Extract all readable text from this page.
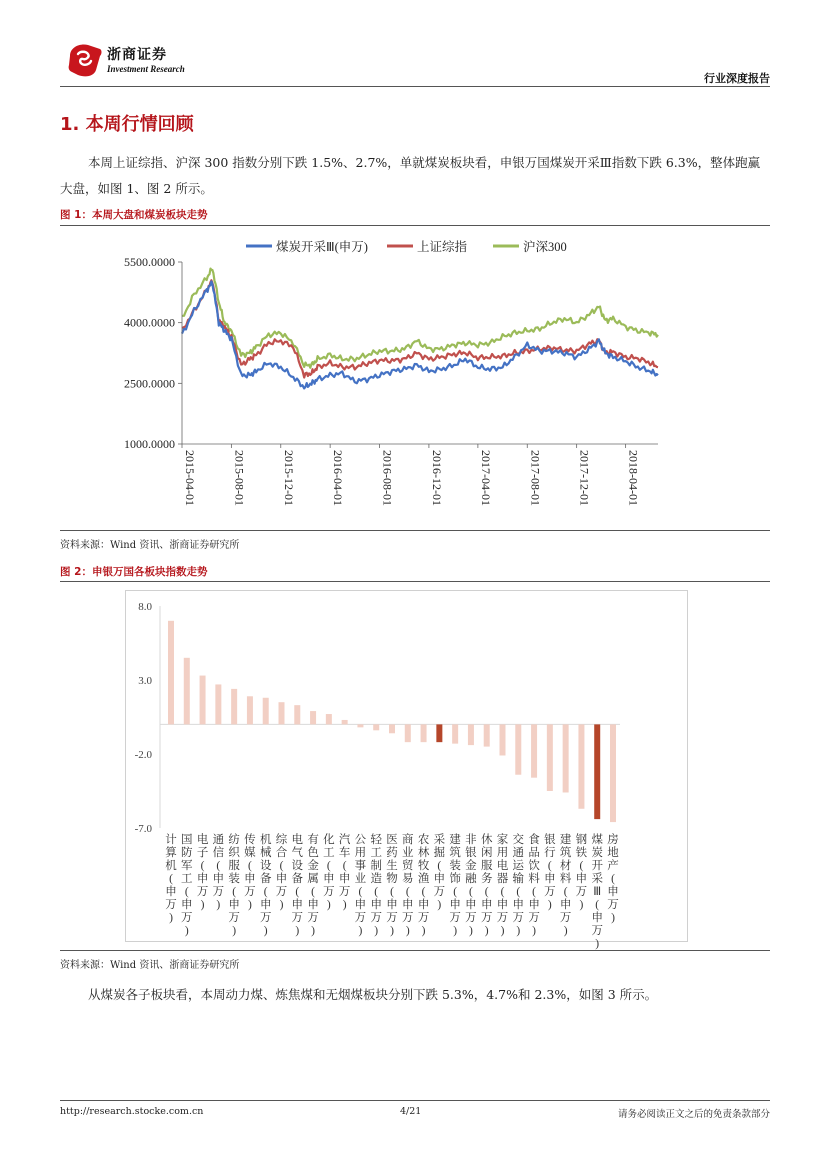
浙商证券
Investment Research
行业深度报告
1. 本周行情回顾

本周上证综指、沪深 300 指数分别下跌 1.5%、2.7%，单就煤炭板块看，申银万国煤炭开采Ⅲ指数下跌 6.3%，整体跑赢大盘，如图 1、图 2 所示。

图 1：本周大盘和煤炭板块走势
5500.0000
4000.0000
2500.0000
1000.0000
2015-04-01	2015-08-01	2015-12-01	2016-04-01	2016-08-01	2016-12-01	2017-04-01	2017-08-01	2017-12-01	2018-04-01
煤炭开采Ⅲ(申万)	上证综指	沪深300
资料来源：Wind 资讯、浙商证券研究所
图 2：申银万国各板块指数走势
8.0
3.0
-2.0
-7.0
计算机(申万)
国防军工(申万)
电子(申万)
通信(申万)
纺织服装(申万)
传媒(申万)
机械设备(申万)
综合(申万)
电气设备(申万)
有色金属(申万)
化工(申万)
汽车(申万)
公用事业(申万)
轻工制造(申万)
医药生物(申万)
商业贸易(申万)
农林牧渔(申万)
采掘(申万)
建筑装饰(申万)
非银金融(申万)
休闲服务(申万)
家用电器(申万)
交通运输(申万)
食品饮料(申万)
银行(申万)
建筑材料(申万)
钢铁(申万)
煤炭开采 Ⅲ (申万)
房地产(申万)
资料来源：Wind 资讯、浙商证券研究所

从煤炭各子板块看，本周动力煤、炼焦煤和无烟煤板块分别下跌 5.3%，4.7%和 2.3%，如图 3 所示。

http://research.stocke.com.cn	4/21	请务必阅读正文之后的免责条款部分
